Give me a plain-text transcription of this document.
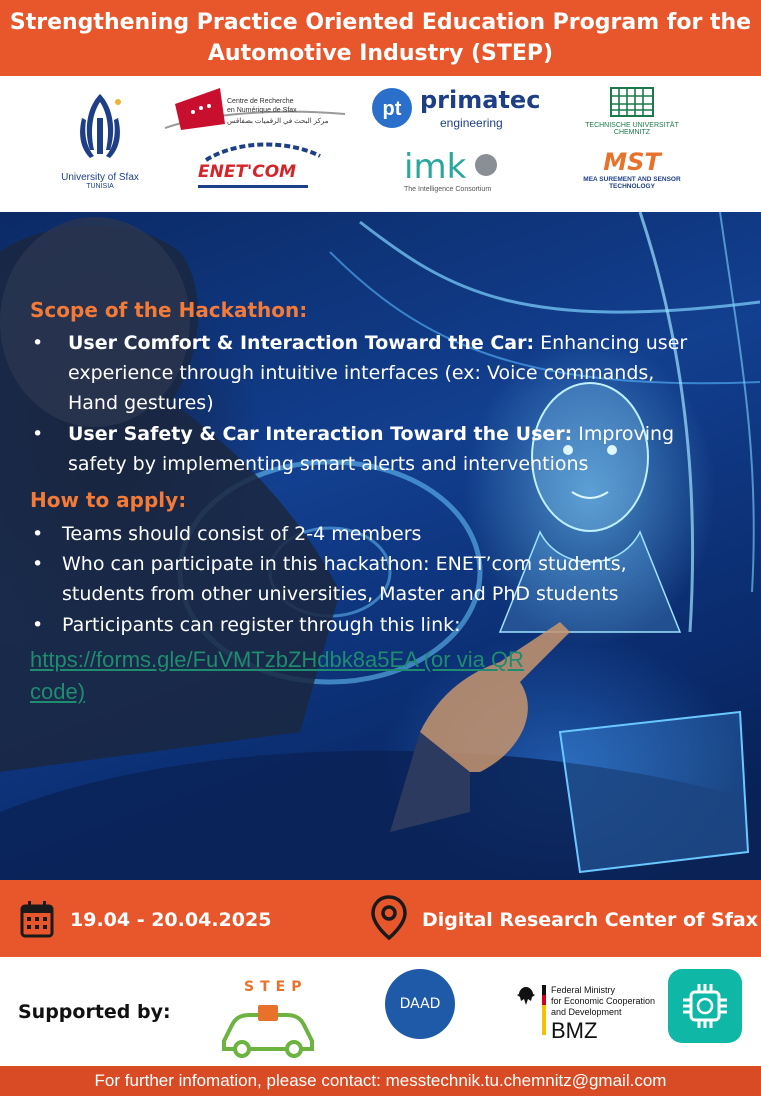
Strengthening Practice Oriented Education Program for the
Automotive Industry (STEP)
University of Sfax
TUNISIA
Centre de Recherche
en Numérique de Sfax
مركز البحث في الرقميات بصفاقس
ENET'COM
pt primatec
engineering
imk
The Intelligence Consortium
TECHNISCHE UNIVERSITÄT
CHEMNITZ
MST
MEA SUREMENT AND SENSOR
TECHNOLOGY
Scope of the Hackathon:
• User Comfort & Interaction Toward the Car: Enhancing user
experience through intuitive interfaces (ex: Voice commands,
Hand gestures)
• User Safety & Car Interaction Toward the User: Improving
safety by implementing smart alerts and interventions
How to apply:
• Teams should consist of 2-4 members
• Who can participate in this hackathon: ENET’com students,
students from other universities, Master and PhD students
• Participants can register through this link:
https://forms.gle/FuVMTzbZHdbk8a5EA (or via QR
code)
19.04 - 20.04.2025	Digital Research Center of Sfax
Supported by:
STEP
DAAD
Federal Ministry
for Economic Cooperation
and Development
BMZ
For further infomation, please contact: messtechnik.tu.chemnitz@gmail.com
